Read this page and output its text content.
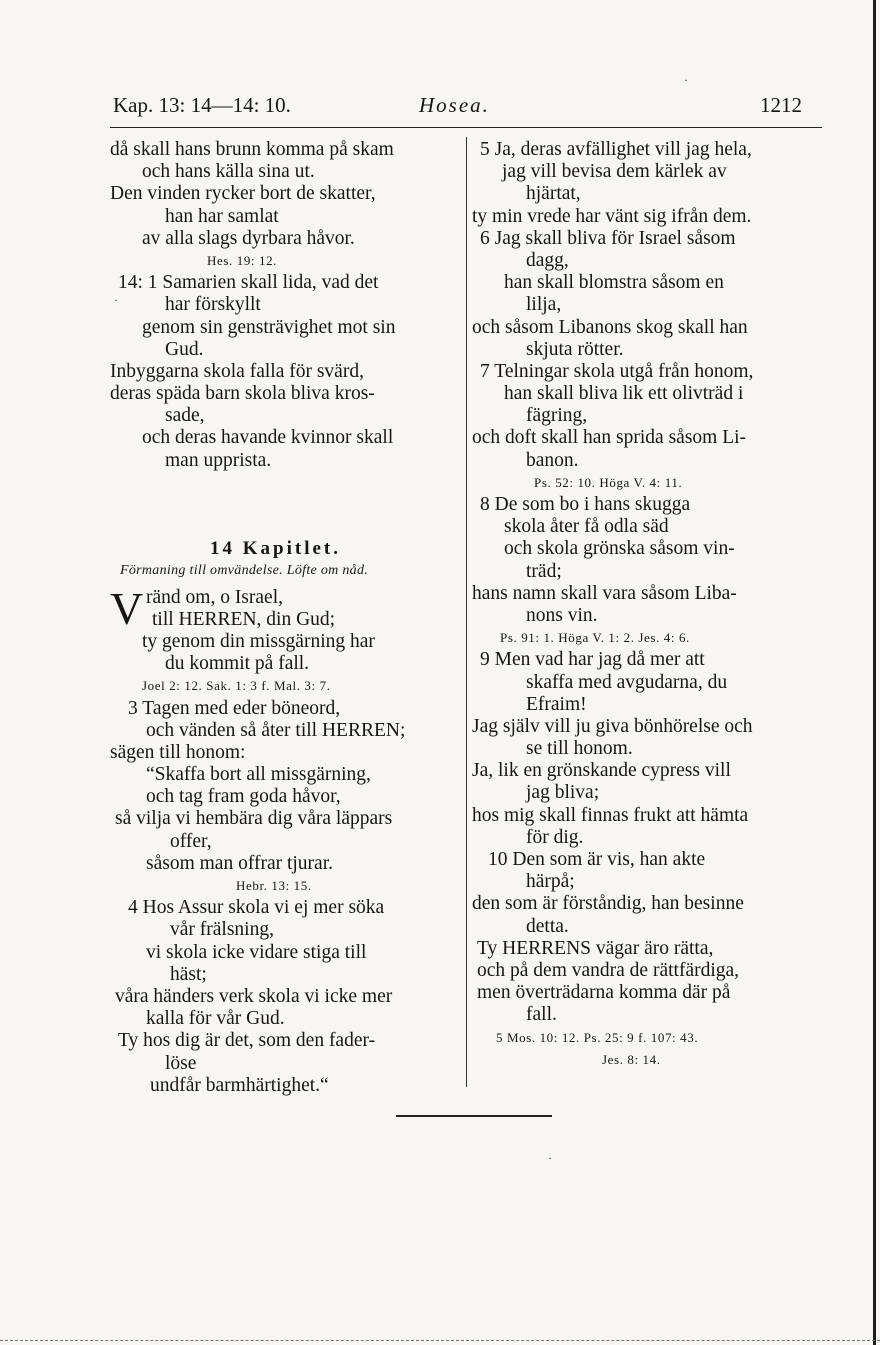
·
·
·
Kap. 13: 14—14: 10.	Hosea.	1212
då skall hans brunn komma på skam
och hans källa sina ut.
Den vinden rycker bort de skatter,
han har samlat
av alla slags dyrbara håvor.
Hes. 19: 12.
14: 1 Samarien skall lida, vad det
har förskyllt
genom sin gensträvighet mot sin
Gud.
Inbyggarna skola falla för svärd,
deras späda barn skola bliva kros-
sade,
och deras havande kvinnor skall
man upprista.
14 Kapitlet.
Förmaning till omvändelse. Löfte om nåd.
V ränd om, o Israel,
till HERREN, din Gud;
ty genom din missgärning har
du kommit på fall.
Joel 2: 12. Sak. 1: 3 f. Mal. 3: 7.
3 Tagen med eder böneord,
och vänden så åter till HERREN;
sägen till honom:
“Skaffa bort all missgärning,
och tag fram goda håvor,
så vilja vi hembära dig våra läppars
offer,
såsom man offrar tjurar.
Hebr. 13: 15.
4 Hos Assur skola vi ej mer söka
vår frälsning,
vi skola icke vidare stiga till
häst;
våra händers verk skola vi icke mer
kalla för vår Gud.
Ty hos dig är det, som den fader-
löse
undfår barmhärtighet.“
5 Ja, deras avfällighet vill jag hela,
jag vill bevisa dem kärlek av
hjärtat,
ty min vrede har vänt sig ifrån dem.
6 Jag skall bliva för Israel såsom
dagg,
han skall blomstra såsom en
lilja,
och såsom Libanons skog skall han
skjuta rötter.
7 Telningar skola utgå från honom,
han skall bliva lik ett olivträd i
fägring,
och doft skall han sprida såsom Li-
banon.
Ps. 52: 10. Höga V. 4: 11.
8 De som bo i hans skugga
skola åter få odla säd
och skola grönska såsom vin-
träd;
hans namn skall vara såsom Liba-
nons vin.
Ps. 91: 1. Höga V. 1: 2. Jes. 4: 6.
9 Men vad har jag då mer att
skaffa med avgudarna, du
Efraim!
Jag själv vill ju giva bönhörelse och
se till honom.
Ja, lik en grönskande cypress vill
jag bliva;
hos mig skall finnas frukt att hämta
för dig.
10 Den som är vis, han akte
härpå;
den som är förståndig, han besinne
detta.
Ty HERRENS vägar äro rätta,
och på dem vandra de rättfärdiga,
men överträdarna komma där på
fall.
5 Mos. 10: 12. Ps. 25: 9 f. 107: 43.
Jes. 8: 14.
